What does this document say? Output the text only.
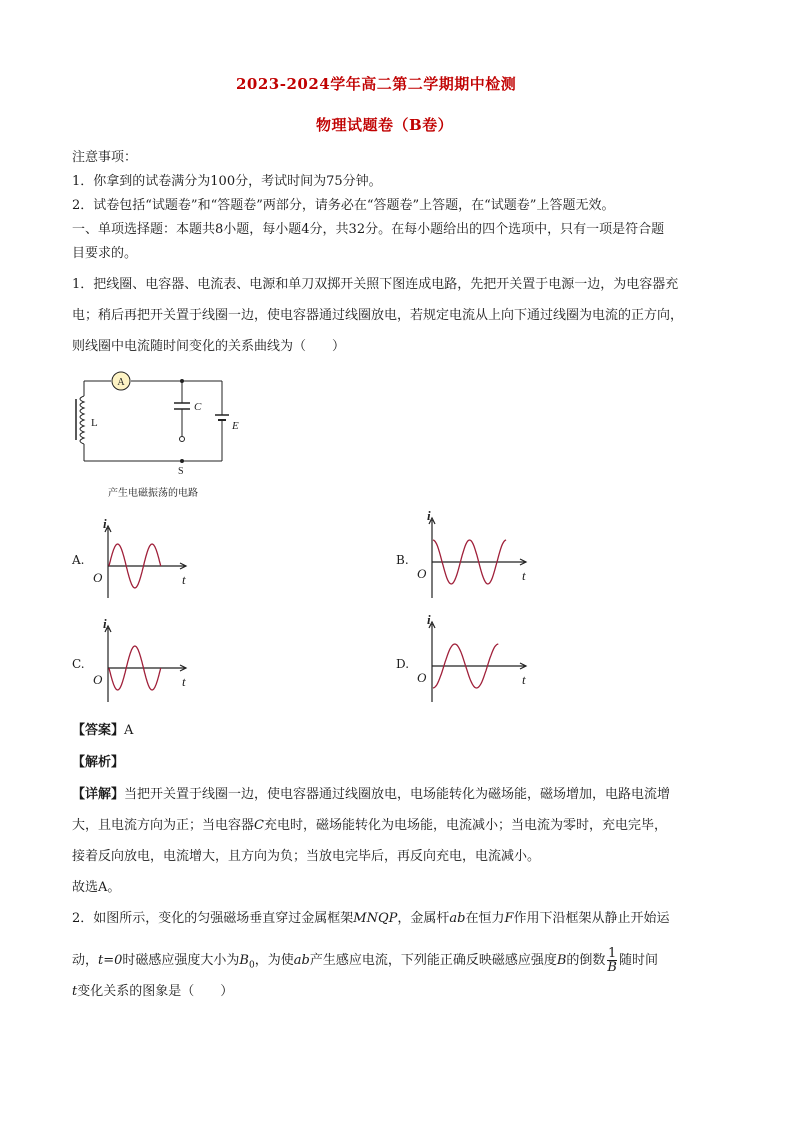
2023-2024学年高二第二学期期中检测
物理试题卷（B卷）
注意事项：
1．你拿到的试卷满分为100分，考试时间为75分钟。
2．试卷包括“试题卷”和“答题卷”两部分，请务必在“答题卷”上答题，在“试题卷”上答题无效。
一、单项选择题：本题共8小题，每小题4分，共32分。在每小题给出的四个选项中，只有一项是符合题
目要求的。
1．把线圈、电容器、电流表、电源和单刀双掷开关照下图连成电路，先把开关置于电源一边，为电容器充
电；稍后再把开关置于线圈一边，使电容器通过线圈放电，若规定电流从上向下通过线圈为电流的正方向，
则线圈中电流随时间变化的关系曲线为（　　）
A
L
C
E
S
产生电磁振荡的电路
A.
i
t
O
B.
i
t
O
C.
i
t
O
D.
i
t
O
【答案】A
【解析】
【详解】当把开关置于线圈一边，使电容器通过线圈放电，电场能转化为磁场能，磁场增加，电路电流增
大，且电流方向为正；当电容器C充电时，磁场能转化为电场能，电流减小；当电流为零时，充电完毕，
接着反向放电，电流增大，且方向为负；当放电完毕后，再反向充电，电流减小。
故选A。
2．如图所示，变化的匀强磁场垂直穿过金属框架MNQP，金属杆ab在恒力F作用下沿框架从静止开始运
动，t=0时磁感应强度大小为$B_0$，为使ab产生感应电流，下列能正确反映磁感应强度B的倒数 $\frac{1}{B}$ 随时间
t变化关系的图象是（　　）
